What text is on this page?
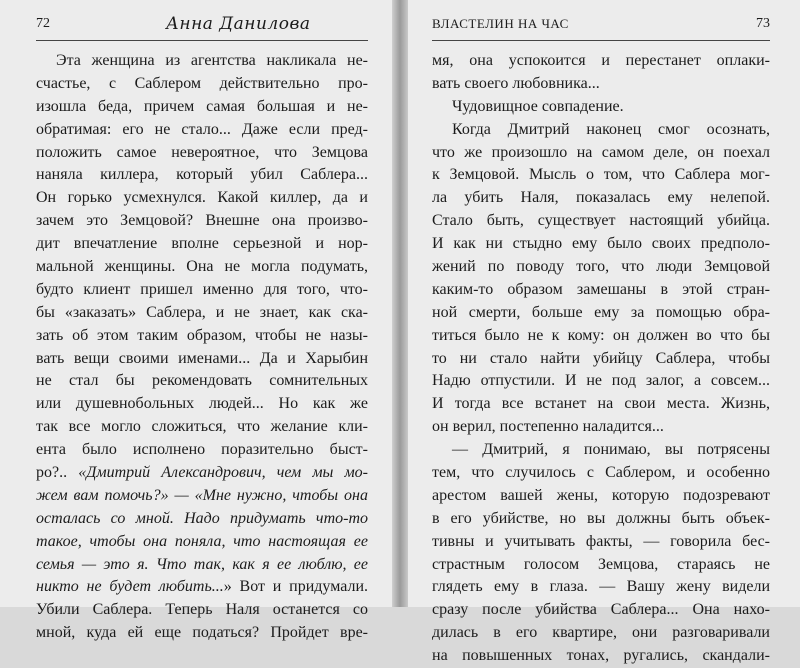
72	Анна Данилова
Эта женщина из агентства накликала не-
счастье, с Саблером действительно про-
изошла беда, причем самая большая и не-
обратимая: его не стало... Даже если пред-
положить самое невероятное, что Земцова
наняла киллера, который убил Саблера...
Он горько усмехнулся. Какой киллер, да и
зачем это Земцовой? Внешне она произво-
дит впечатление вполне серьезной и нор-
мальной женщины. Она не могла подумать,
будто клиент пришел именно для того, что-
бы «заказать» Саблера, и не знает, как ска-
зать об этом таким образом, чтобы не назы-
вать вещи своими именами... Да и Харыбин
не стал бы рекомендовать сомнительных
или душевнобольных людей... Но как же
так все могло сложиться, что желание кли-
ента было исполнено поразительно быст-
ро?.. «Дмитрий Александрович, чем мы мо-
жем вам помочь?» — «Мне нужно, чтобы она
осталась со мной. Надо придумать что-то
такое, чтобы она поняла, что настоящая ее
семья — это я. Что так, как я ее люблю, ее
никто не будет любить...» Вот и придумали.
Убили Саблера. Теперь Наля останется со
мной, куда ей еще податься? Пройдет вре-
ВЛАСТЕЛИН НА ЧАС	73
мя, она успокоится и перестанет оплаки-
вать своего любовника...
Чудовищное совпадение.
Когда Дмитрий наконец смог осознать,
что же произошло на самом деле, он поехал
к Земцовой. Мысль о том, что Саблера мог-
ла убить Наля, показалась ему нелепой.
Стало быть, существует настоящий убийца.
И как ни стыдно ему было своих предполо-
жений по поводу того, что люди Земцовой
каким-то образом замешаны в этой стран-
ной смерти, больше ему за помощью обра-
титься было не к кому: он должен во что бы
то ни стало найти убийцу Саблера, чтобы
Надю отпустили. И не под залог, а совсем...
И тогда все встанет на свои места. Жизнь,
он верил, постепенно наладится...
— Дмитрий, я понимаю, вы потрясены
тем, что случилось с Саблером, и особенно
арестом вашей жены, которую подозревают
в его убийстве, но вы должны быть объек-
тивны и учитывать факты, — говорила бес-
страстным голосом Земцова, стараясь не
глядеть ему в глаза. — Вашу жену видели
сразу после убийства Саблера... Она нахо-
дилась в его квартире, они разговаривали
на повышенных тонах, ругались, скандали-
